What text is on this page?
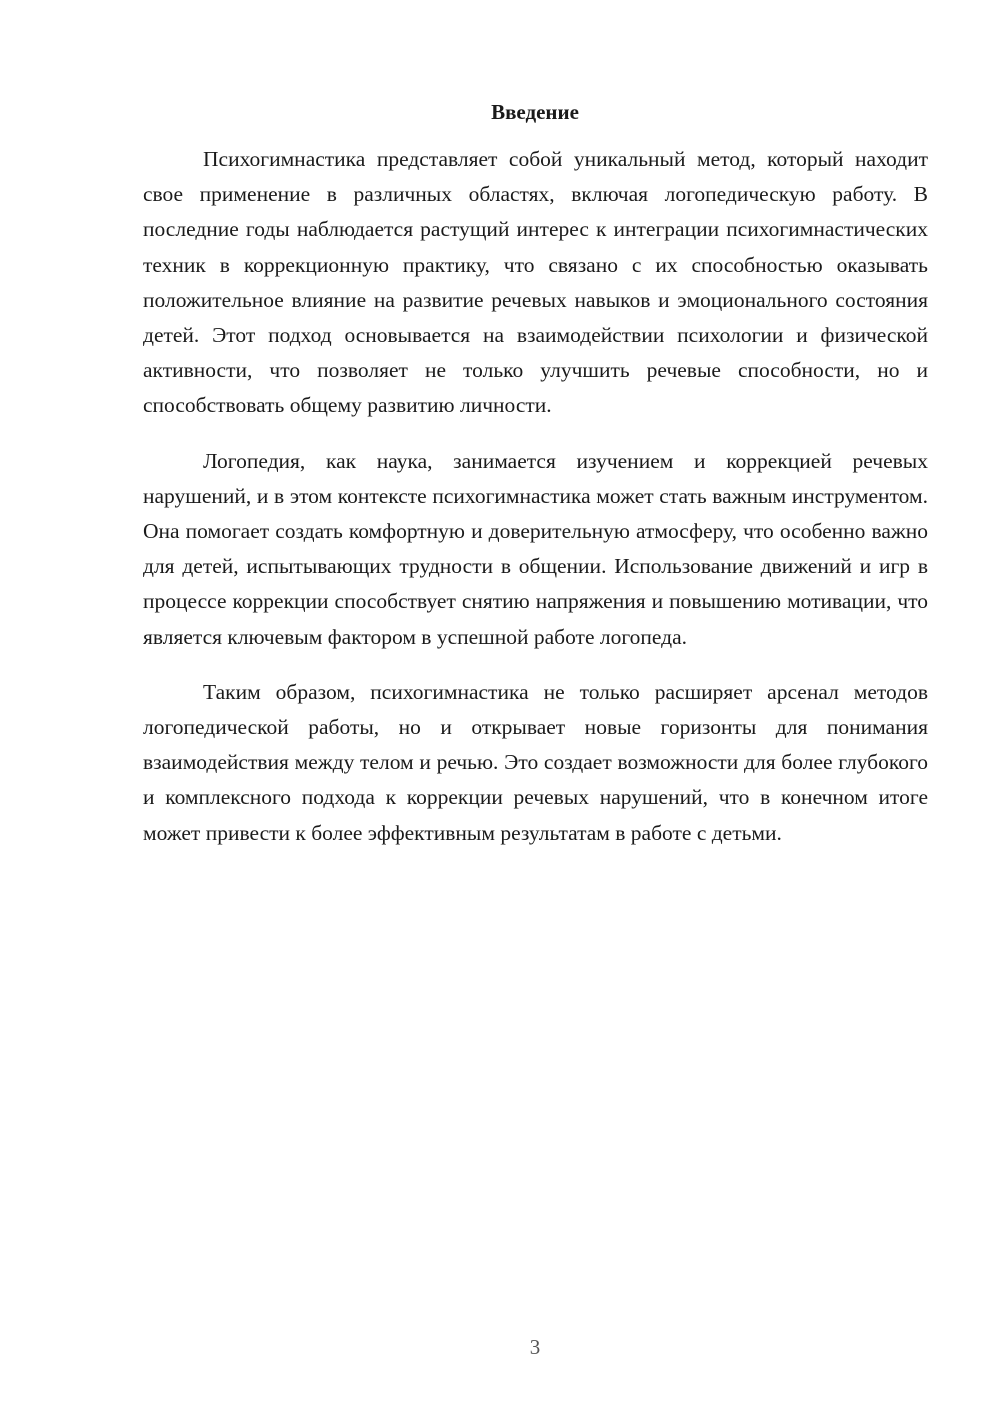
Введение

Психогимнастика представляет собой уникальный метод, который находит свое применение в различных областях, включая логопедическую работу. В последние годы наблюдается растущий интерес к интеграции психогимнастических техник в коррекционную практику, что связано с их способностью оказывать положительное влияние на развитие речевых навыков и эмоционального состояния детей. Этот подход основывается на взаимодействии психологии и физической активности, что позволяет не только улучшить речевые способности, но и способствовать общему развитию личности.

Логопедия, как наука, занимается изучением и коррекцией речевых нарушений, и в этом контексте психогимнастика может стать важным инструментом. Она помогает создать комфортную и доверительную атмосферу, что особенно важно для детей, испытывающих трудности в общении. Использование движений и игр в процессе коррекции способствует снятию напряжения и повышению мотивации, что является ключевым фактором в успешной работе логопеда.

Таким образом, психогимнастика не только расширяет арсенал методов логопедической работы, но и открывает новые горизонты для понимания взаимодействия между телом и речью. Это создает возможности для более глубокого и комплексного подхода к коррекции речевых нарушений, что в конечном итоге может привести к более эффективным результатам в работе с детьми.

3
